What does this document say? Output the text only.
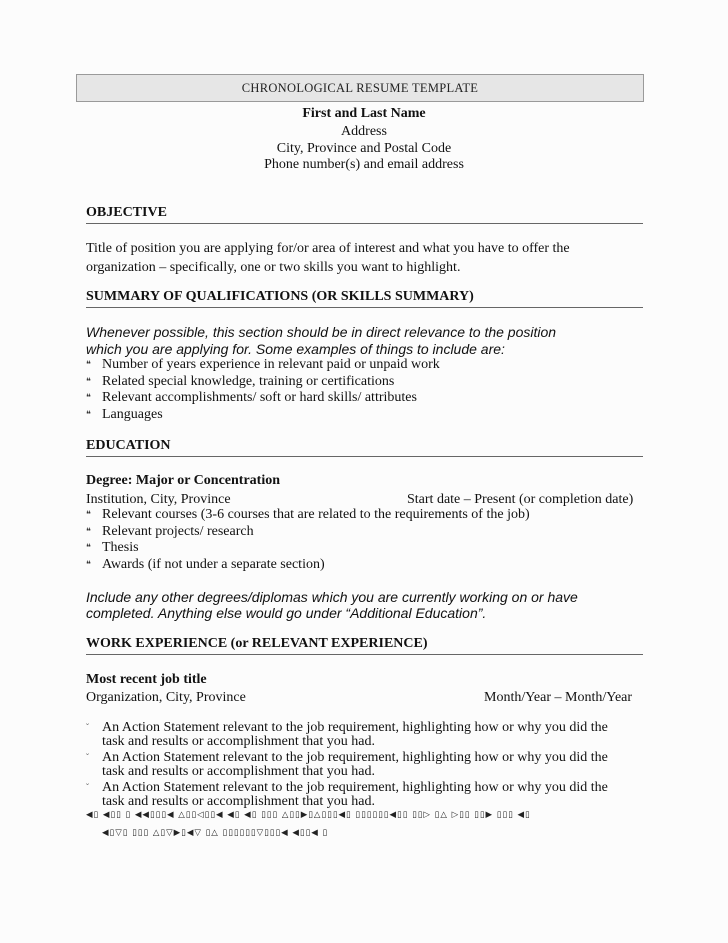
CHRONOLOGICAL RESUME TEMPLATE
First and Last Name
Address
City, Province and Postal Code
Phone number(s) and email address
OBJECTIVE
Title of position you are applying for/or area of interest and what you have to offer the
organization – specifically, one or two skills you want to highlight.
SUMMARY OF QUALIFICATIONS (OR SKILLS SUMMARY)
Whenever possible, this section should be in direct relevance to the position
which you are applying for. Some examples of things to include are:
❝ Number of years experience in relevant paid or unpaid work
❝ Related special knowledge, training or certifications
❝ Relevant accomplishments/ soft or hard skills/ attributes
❝ Languages
EDUCATION
Degree: Major or Concentration
Institution, City, Province	Start date – Present (or completion date)
❝ Relevant courses (3-6 courses that are related to the requirements of the job)
❝ Relevant projects/ research
❝ Thesis
❝ Awards (if not under a separate section)
Include any other degrees/diplomas which you are currently working on or have
completed. Anything else would go under “Additional Education”.
WORK EXPERIENCE (or RELEVANT EXPERIENCE)
Most recent job title
Organization, City, Province	Month/Year – Month/Year
˘ An Action Statement relevant to the job requirement, highlighting how or why you did the
task and results or accomplishment that you had.
˘ An Action Statement relevant to the job requirement, highlighting how or why you did the
task and results or accomplishment that you had.
˘ An Action Statement relevant to the job requirement, highlighting how or why you did the
task and results or accomplishment that you had.
◀▯ ◀▯▯ ▯ ◀◀▯▯▯◀ △▯▯◁▯▯◀ ◀▯ ◀▯ ▯▯▯ △▯▯▶▯△▯▯▯◀▯ ▯▯▯▯▯▯◀▯▯ ▯▯▷ ▯△ ▷▯▯ ▯▯▶ ▯▯▯ ◀▯
◀▯▽▯ ▯▯▯ △▯▽▶▯◀▽ ▯△ ▯▯▯▯▯▯▽▯▯▯◀ ◀▯▯◀ ▯
